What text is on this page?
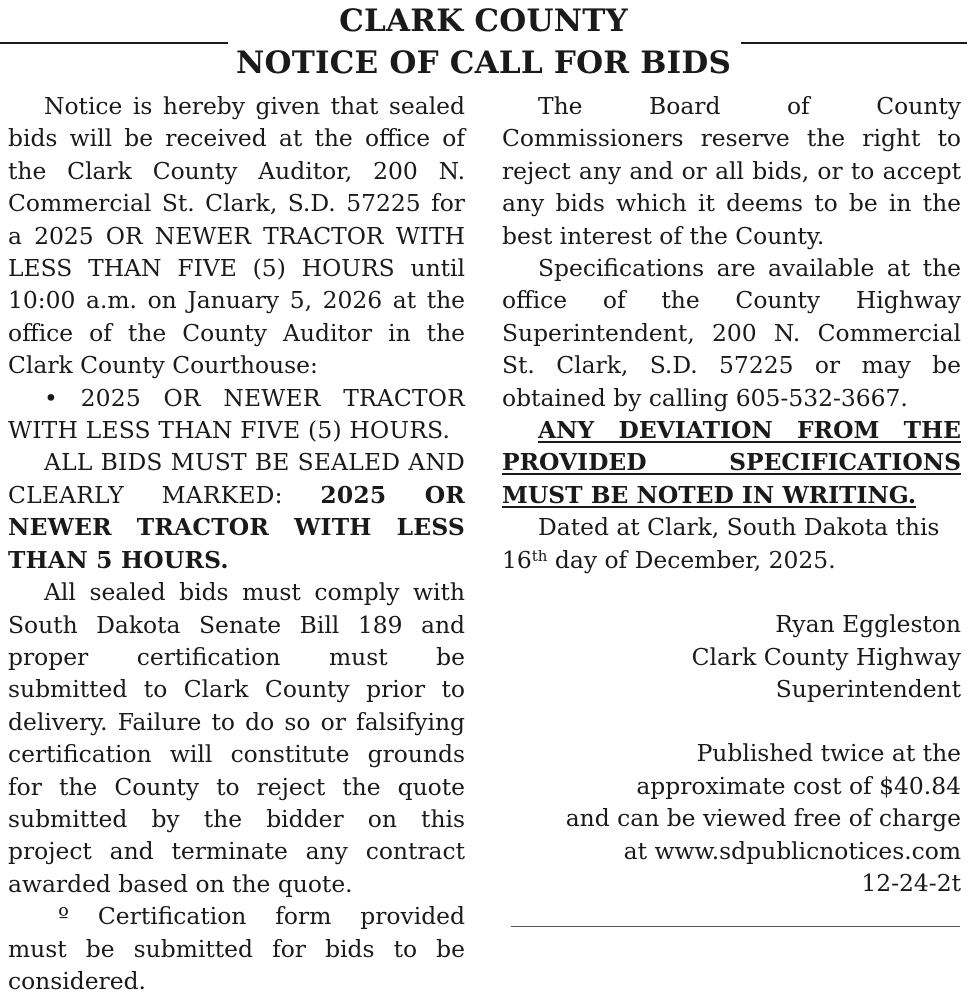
CLARK COUNTY
NOTICE OF CALL FOR BIDS

Notice is hereby given that sealed bids will be received at the office of the Clark County Auditor, 200 N. Commercial St. Clark, S.D. 57225 for a 2025 OR NEWER TRACTOR WITH LESS THAN FIVE (5) HOURS until 10:00 a.m. on January 5, 2026 at the office of the County Auditor in the Clark County Courthouse:

• 2025 OR NEWER TRACTOR WITH LESS THAN FIVE (5) HOURS.

ALL BIDS MUST BE SEALED AND CLEARLY MARKED: 2025 OR NEWER TRACTOR WITH LESS THAN 5 HOURS.

All sealed bids must comply with South Dakota Senate Bill 189 and proper certification must be submitted to Clark County prior to delivery. Failure to do so or falsifying certification will constitute grounds for the County to reject the quote submitted by the bidder on this project and terminate any contract awarded based on the quote.

º Certification form provided must be submitted for bids to be considered.

The Board of County Commissioners reserve the right to reject any and or all bids, or to accept any bids which it deems to be in the best interest of the County.

Specifications are available at the office of the County Highway Superintendent, 200 N. Commercial St. Clark, S.D. 57225 or may be obtained by calling 605-532-3667.

ANY DEVIATION FROM THE PROVIDED SPECIFICATIONS MUST BE NOTED IN WRITING.

Dated at Clark, South Dakota this 16th day of December, 2025.

Ryan Eggleston

Clark County Highway

Superintendent

Published twice at the

approximate cost of $40.84

and can be viewed free of charge

at www.sdpublicnotices.com

12-24-2t
